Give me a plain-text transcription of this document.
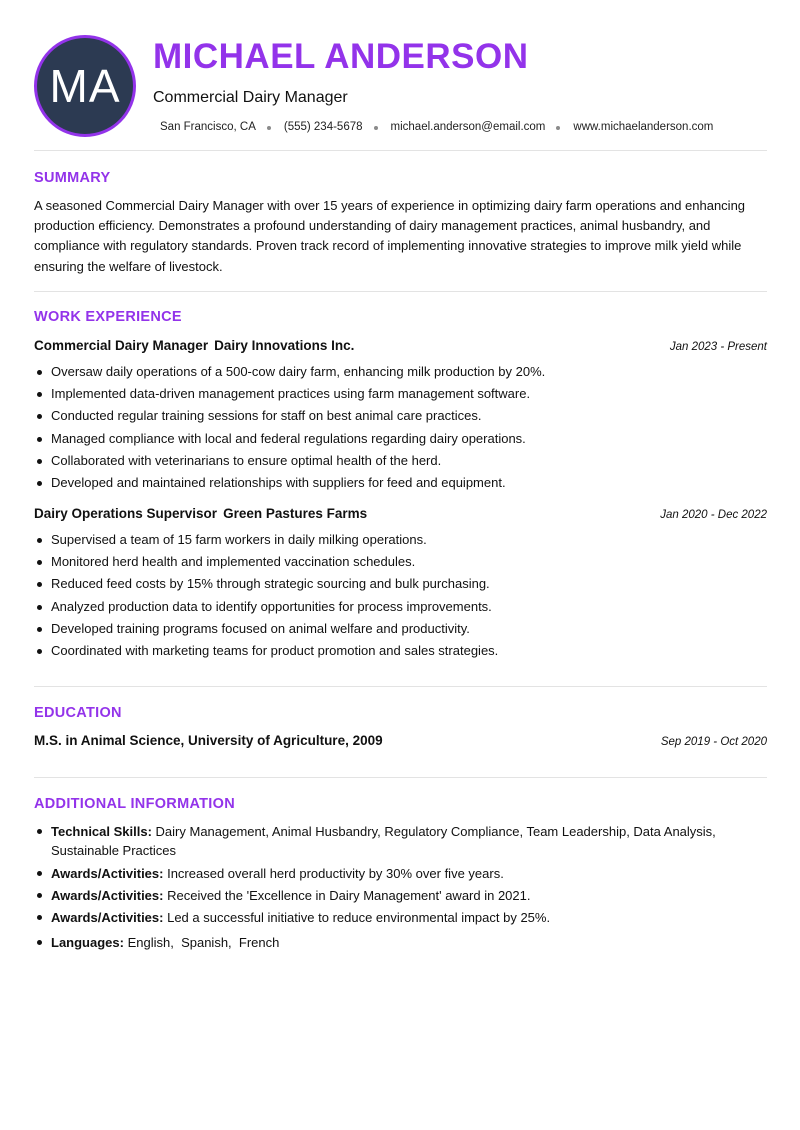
MA
MICHAEL ANDERSON
Commercial Dairy Manager
San Francisco, CA (555) 234-5678 michael.anderson@email.com www.michaelanderson.com
SUMMARY

A seasoned Commercial Dairy Manager with over 15 years of experience in optimizing dairy farm operations and enhancing production efficiency. Demonstrates a profound understanding of dairy management practices, animal husbandry, and compliance with regulatory standards. Proven track record of implementing innovative strategies to improve milk yield while ensuring the welfare of livestock.

WORK EXPERIENCE
Commercial Dairy Manager Dairy Innovations Inc.	Jan 2023 - Present
Oversaw daily operations of a 500-cow dairy farm, enhancing milk production by 20%.
Implemented data-driven management practices using farm management software.
Conducted regular training sessions for staff on best animal care practices.
Managed compliance with local and federal regulations regarding dairy operations.
Collaborated with veterinarians to ensure optimal health of the herd.
Developed and maintained relationships with suppliers for feed and equipment.
Dairy Operations Supervisor Green Pastures Farms	Jan 2020 - Dec 2022
Supervised a team of 15 farm workers in daily milking operations.
Monitored herd health and implemented vaccination schedules.
Reduced feed costs by 15% through strategic sourcing and bulk purchasing.
Analyzed production data to identify opportunities for process improvements.
Developed training programs focused on animal welfare and productivity.
Coordinated with marketing teams for product promotion and sales strategies.
EDUCATION
M.S. in Animal Science, University of Agriculture, 2009	Sep 2019 - Oct 2020
ADDITIONAL INFORMATION
Technical Skills: Dairy Management, Animal Husbandry, Regulatory Compliance, Team Leadership, Data Analysis, Sustainable Practices
Awards/Activities: Increased overall herd productivity by 30% over five years.
Awards/Activities: Received the 'Excellence in Dairy Management' award in 2021.
Awards/Activities: Led a successful initiative to reduce environmental impact by 25%.
Languages: English,  Spanish,  French
